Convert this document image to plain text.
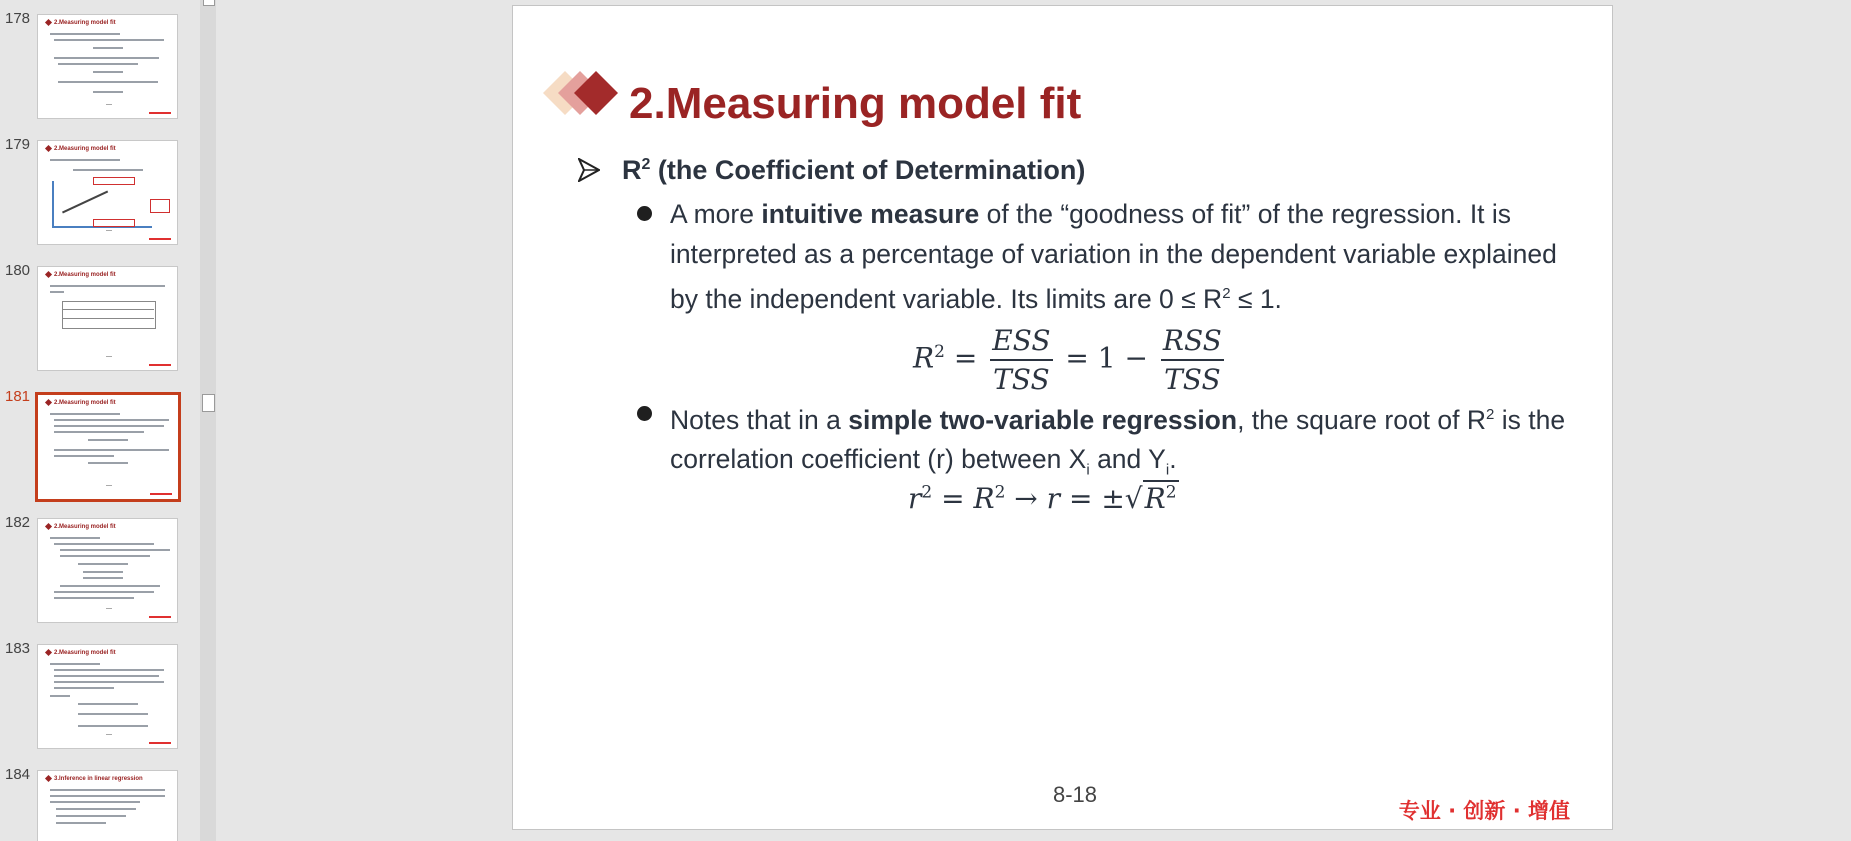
178	2.Measuring model fit
179	2.Measuring model fit
180	2.Measuring model fit
181	2.Measuring model fit
182	2.Measuring model fit
183	2.Measuring model fit
184	3.Inference in linear regression
2.Measuring model fit
$R^2$ (the Coefficient of Determination)
A more intuitive measure of the “goodness of fit” of the regression. It is interpreted as a percentage of variation in the dependent variable explained by the independent variable. Its limits are $0 \le R^2 \le 1$.
$R^2 = \frac{\text{ESS}}{\text{TSS}} = 1 - \frac{\text{RSS}}{\text{TSS}}$
Notes that in a simple two-variable regression, the square root of $R^2$ is the correlation coefficient (r) between $X_i$ and $Y_i$.
$r^2 = R^2 \to r = \pm√R^2$
8-18
专业 · 创新 · 增值
